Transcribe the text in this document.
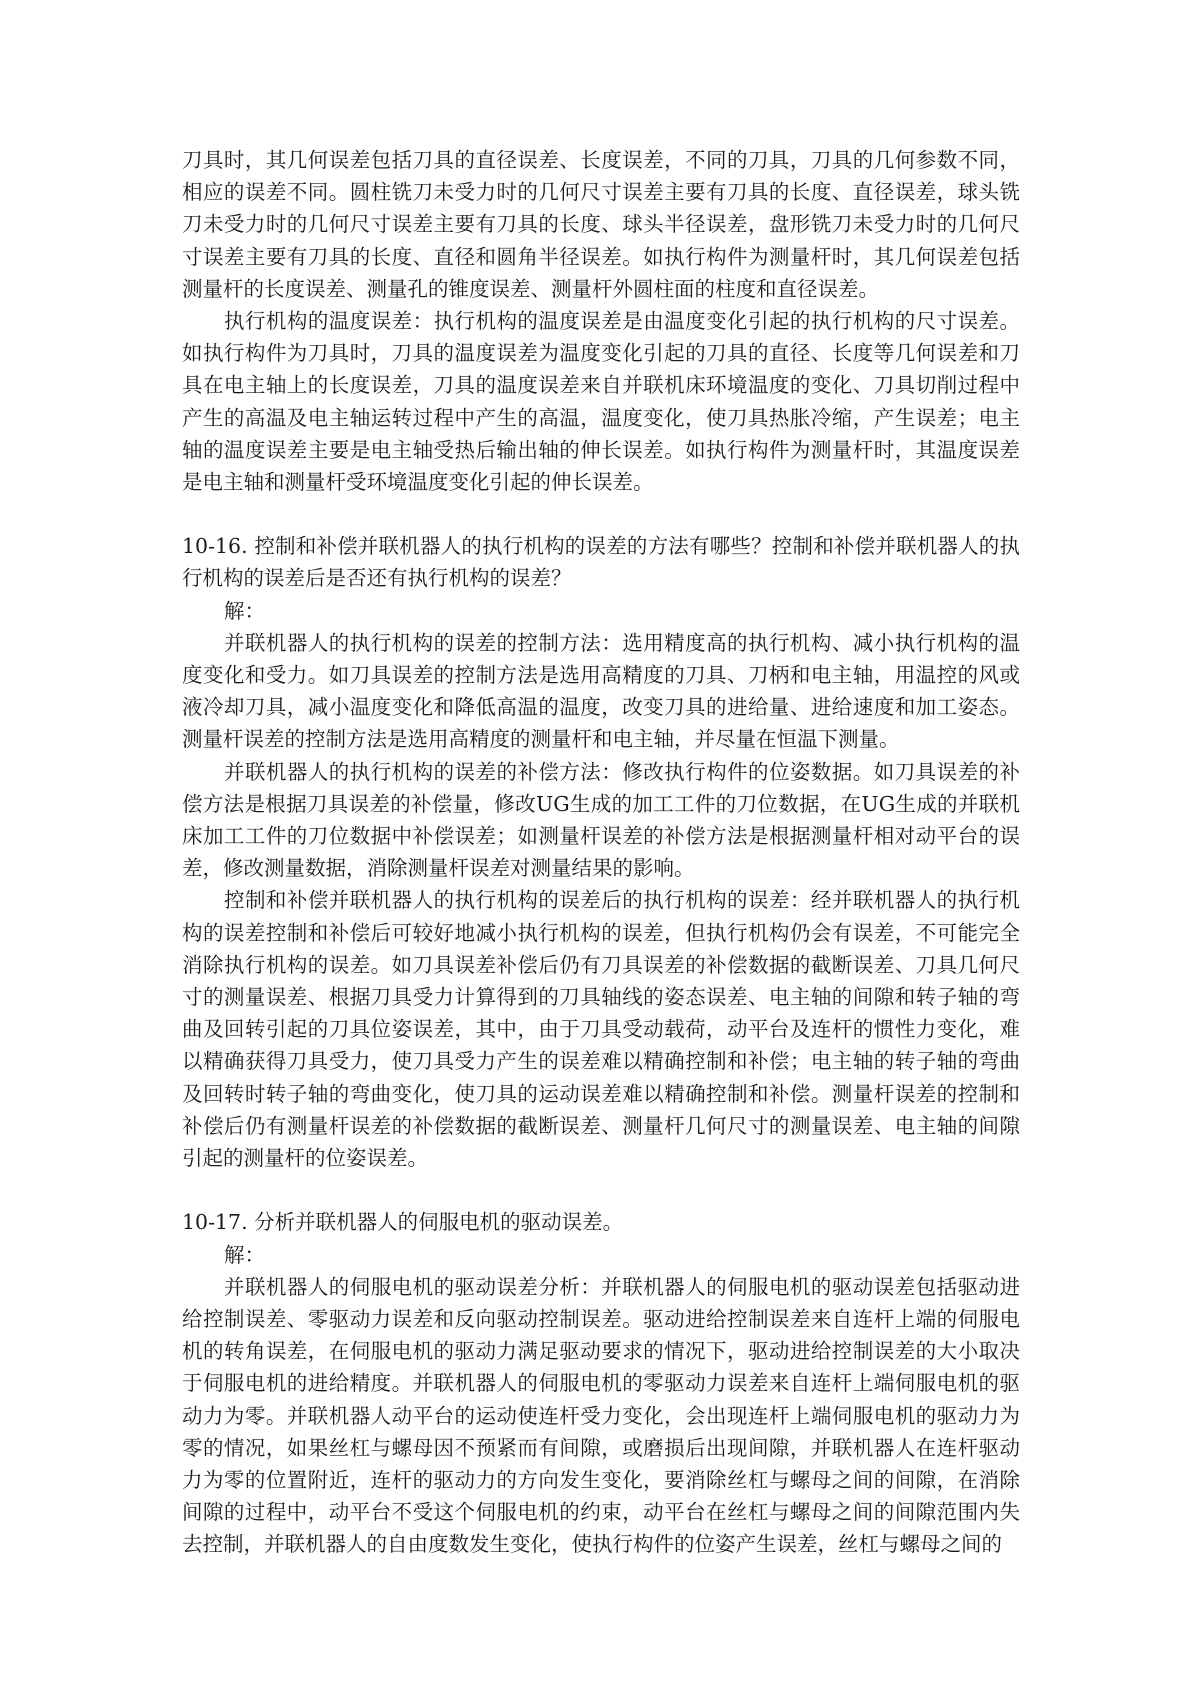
刀具时，其几何误差包括刀具的直径误差、长度误差，不同的刀具，刀具的几何参数不同，相应的误差不同。圆柱铣刀未受力时的几何尺寸误差主要有刀具的长度、直径误差，球头铣刀未受力时的几何尺寸误差主要有刀具的长度、球头半径误差，盘形铣刀未受力时的几何尺寸误差主要有刀具的长度、直径和圆角半径误差。如执行构件为测量杆时，其几何误差包括测量杆的长度误差、测量孔的锥度误差、测量杆外圆柱面的柱度和直径误差。

执行机构的温度误差：执行机构的温度误差是由温度变化引起的执行机构的尺寸误差。如执行构件为刀具时，刀具的温度误差为温度变化引起的刀具的直径、长度等几何误差和刀具在电主轴上的长度误差，刀具的温度误差来自并联机床环境温度的变化、刀具切削过程中产生的高温及电主轴运转过程中产生的高温，温度变化，使刀具热胀冷缩，产生误差；电主轴的温度误差主要是电主轴受热后输出轴的伸长误差。如执行构件为测量杆时，其温度误差是电主轴和测量杆受环境温度变化引起的伸长误差。

10-16. 控制和补偿并联机器人的执行机构的误差的方法有哪些？控制和补偿并联机器人的执行机构的误差后是否还有执行机构的误差？

解：

并联机器人的执行机构的误差的控制方法：选用精度高的执行机构、减小执行机构的温度变化和受力。如刀具误差的控制方法是选用高精度的刀具、刀柄和电主轴，用温控的风或液冷却刀具，减小温度变化和降低高温的温度，改变刀具的进给量、进给速度和加工姿态。测量杆误差的控制方法是选用高精度的测量杆和电主轴，并尽量在恒温下测量。

并联机器人的执行机构的误差的补偿方法：修改执行构件的位姿数据。如刀具误差的补偿方法是根据刀具误差的补偿量，修改UG生成的加工工件的刀位数据，在UG生成的并联机床加工工件的刀位数据中补偿误差；如测量杆误差的补偿方法是根据测量杆相对动平台的误差，修改测量数据，消除测量杆误差对测量结果的影响。

控制和补偿并联机器人的执行机构的误差后的执行机构的误差：经并联机器人的执行机构的误差控制和补偿后可较好地减小执行机构的误差，但执行机构仍会有误差，不可能完全消除执行机构的误差。如刀具误差补偿后仍有刀具误差的补偿数据的截断误差、刀具几何尺寸的测量误差、根据刀具受力计算得到的刀具轴线的姿态误差、电主轴的间隙和转子轴的弯曲及回转引起的刀具位姿误差，其中，由于刀具受动载荷，动平台及连杆的惯性力变化，难以精确获得刀具受力，使刀具受力产生的误差难以精确控制和补偿；电主轴的转子轴的弯曲及回转时转子轴的弯曲变化，使刀具的运动误差难以精确控制和补偿。测量杆误差的控制和补偿后仍有测量杆误差的补偿数据的截断误差、测量杆几何尺寸的测量误差、电主轴的间隙引起的测量杆的位姿误差。

10-17. 分析并联机器人的伺服电机的驱动误差。

解：

并联机器人的伺服电机的驱动误差分析：并联机器人的伺服电机的驱动误差包括驱动进给控制误差、零驱动力误差和反向驱动控制误差。驱动进给控制误差来自连杆上端的伺服电机的转角误差，在伺服电机的驱动力满足驱动要求的情况下，驱动进给控制误差的大小取决于伺服电机的进给精度。并联机器人的伺服电机的零驱动力误差来自连杆上端伺服电机的驱动力为零。并联机器人动平台的运动使连杆受力变化，会出现连杆上端伺服电机的驱动力为零的情况，如果丝杠与螺母因不预紧而有间隙，或磨损后出现间隙，并联机器人在连杆驱动力为零的位置附近，连杆的驱动力的方向发生变化，要消除丝杠与螺母之间的间隙，在消除间隙的过程中，动平台不受这个伺服电机的约束，动平台在丝杠与螺母之间的间隙范围内失去控制，并联机器人的自由度数发生变化，使执行构件的位姿产生误差，丝杠与螺母之间的
